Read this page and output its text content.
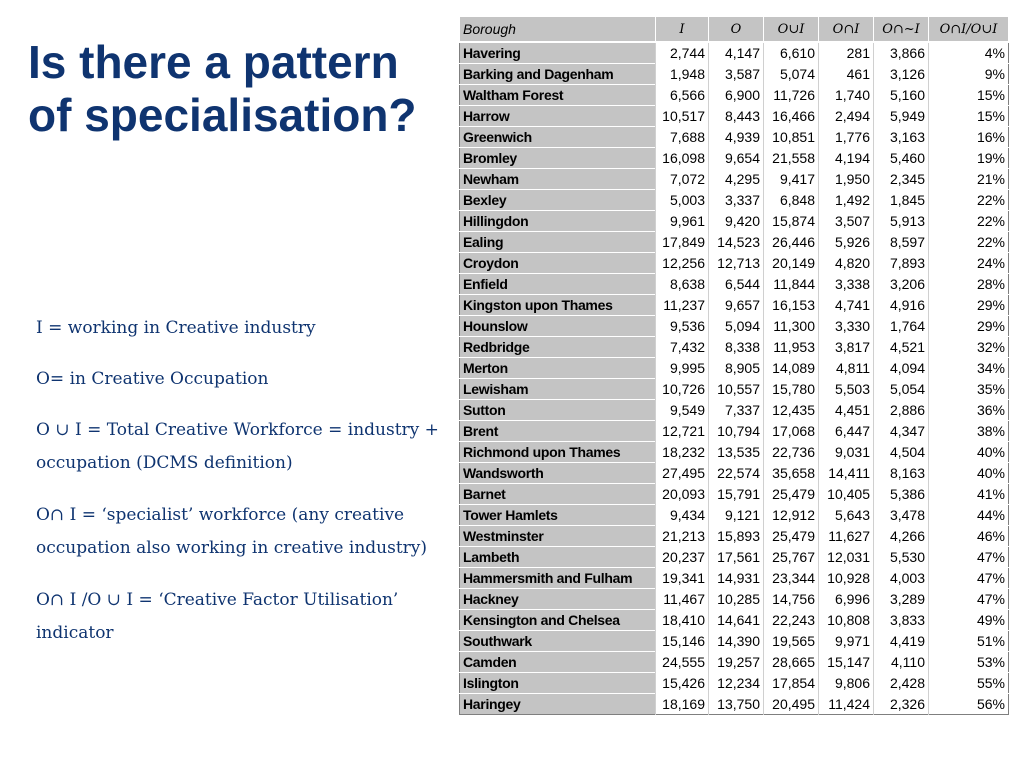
Is there a pattern of specialisation?

I = working in Creative industry

O= in Creative Occupation

O ∪ I = Total Creative Workforce = industry + occupation (DCMS definition)

O∩ I = ‘specialist’ workforce (any creative occupation also working in creative industry)

O∩ I /O ∪ I = ‘Creative Factor Utilisation’ indicator

Borough	I	O	O∪I	O∩I	O∩~I	O∩I/O∪I
Havering	2,744	4,147	6,610	281	3,866	4%
Barking and Dagenham	1,948	3,587	5,074	461	3,126	9%
Waltham Forest	6,566	6,900	11,726	1,740	5,160	15%
Harrow	10,517	8,443	16,466	2,494	5,949	15%
Greenwich	7,688	4,939	10,851	1,776	3,163	16%
Bromley	16,098	9,654	21,558	4,194	5,460	19%
Newham	7,072	4,295	9,417	1,950	2,345	21%
Bexley	5,003	3,337	6,848	1,492	1,845	22%
Hillingdon	9,961	9,420	15,874	3,507	5,913	22%
Ealing	17,849	14,523	26,446	5,926	8,597	22%
Croydon	12,256	12,713	20,149	4,820	7,893	24%
Enfield	8,638	6,544	11,844	3,338	3,206	28%
Kingston upon Thames	11,237	9,657	16,153	4,741	4,916	29%
Hounslow	9,536	5,094	11,300	3,330	1,764	29%
Redbridge	7,432	8,338	11,953	3,817	4,521	32%
Merton	9,995	8,905	14,089	4,811	4,094	34%
Lewisham	10,726	10,557	15,780	5,503	5,054	35%
Sutton	9,549	7,337	12,435	4,451	2,886	36%
Brent	12,721	10,794	17,068	6,447	4,347	38%
Richmond upon Thames	18,232	13,535	22,736	9,031	4,504	40%
Wandsworth	27,495	22,574	35,658	14,411	8,163	40%
Barnet	20,093	15,791	25,479	10,405	5,386	41%
Tower Hamlets	9,434	9,121	12,912	5,643	3,478	44%
Westminster	21,213	15,893	25,479	11,627	4,266	46%
Lambeth	20,237	17,561	25,767	12,031	5,530	47%
Hammersmith and Fulham	19,341	14,931	23,344	10,928	4,003	47%
Hackney	11,467	10,285	14,756	6,996	3,289	47%
Kensington and Chelsea	18,410	14,641	22,243	10,808	3,833	49%
Southwark	15,146	14,390	19,565	9,971	4,419	51%
Camden	24,555	19,257	28,665	15,147	4,110	53%
Islington	15,426	12,234	17,854	9,806	2,428	55%
Haringey	18,169	13,750	20,495	11,424	2,326	56%
